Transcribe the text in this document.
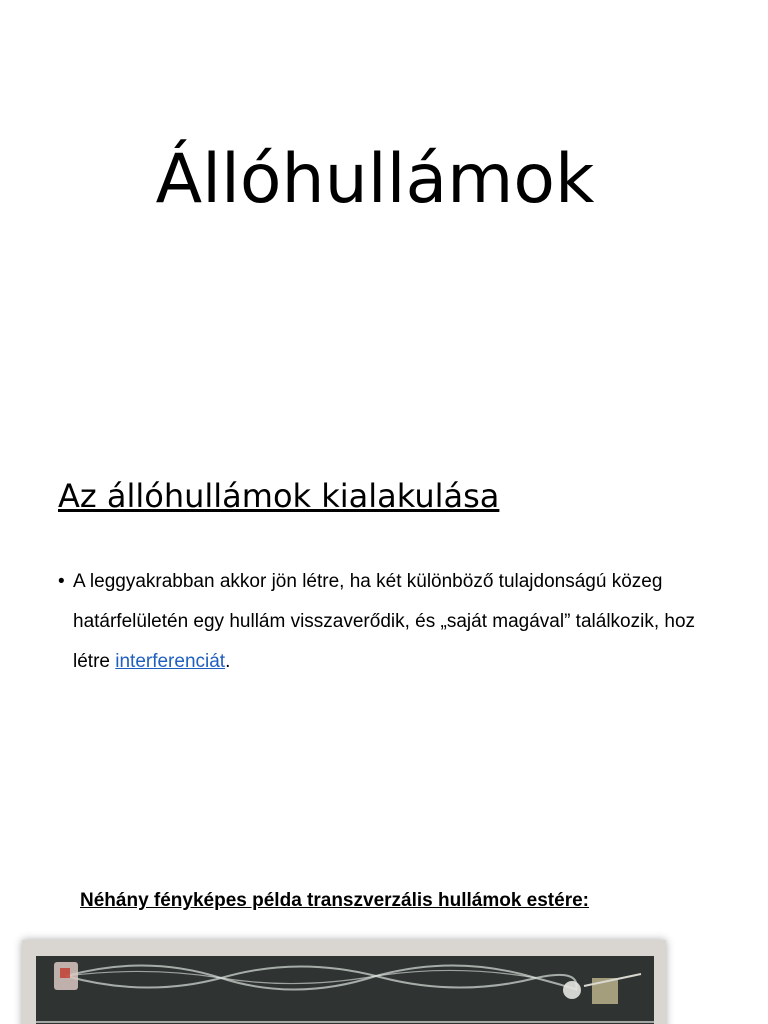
Állóhullámok
Az állóhullámok kialakulása
• A leggyakrabban akkor jön létre, ha két különböző tulajdonságú közeg határfelületén egy hullám visszaverődik, és „saját magával” találkozik, hoz létre interferenciát.

Néhány fényképes példa transzverzális hullámok estére:
